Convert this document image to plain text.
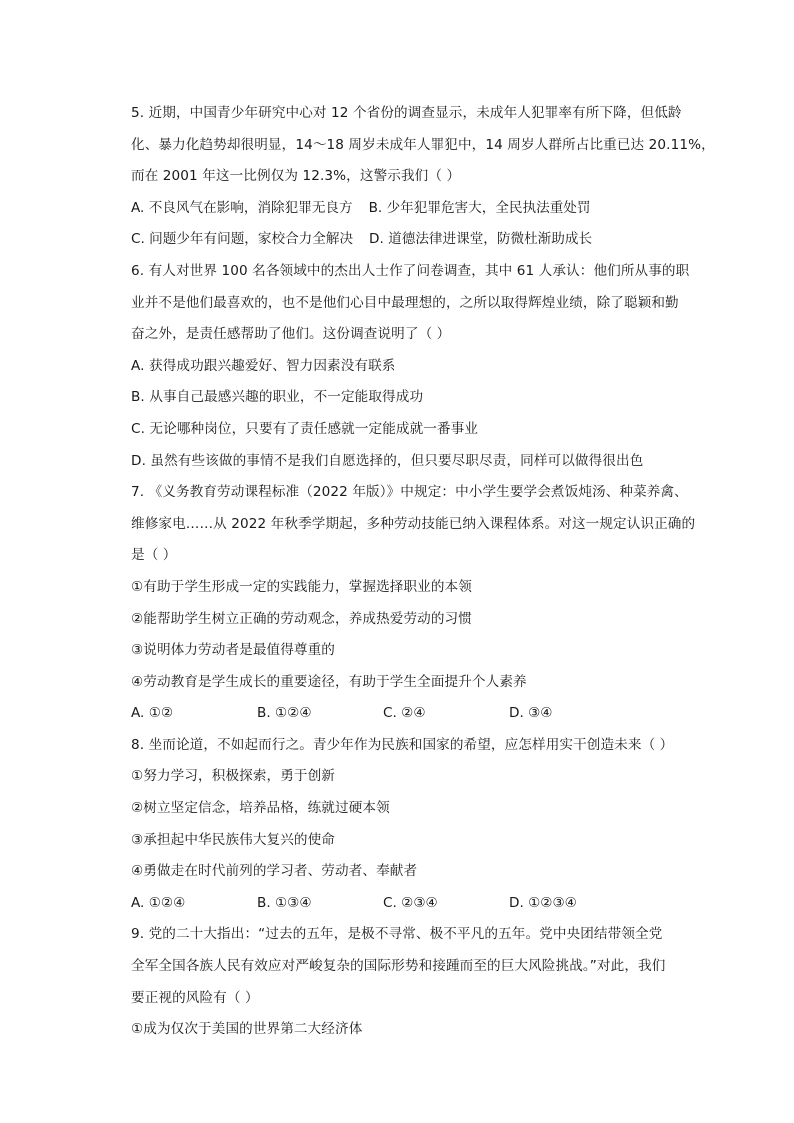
5. 近期，中国青少年研究中心对 12 个省份的调查显示，未成年人犯罪率有所下降，但低龄
化、暴力化趋势却很明显，14～18 周岁未成年人罪犯中，14 周岁人群所占比重已达 20.11%，
而在 2001 年这一比例仅为 12.3%，这警示我们（ ）
A. 不良风气在影响，消除犯罪无良方 B. 少年犯罪危害大，全民执法重处罚
C. 问题少年有问题，家校合力全解决 D. 道德法律进课堂，防微杜渐助成长
6. 有人对世界 100 名各领域中的杰出人士作了问卷调查，其中 61 人承认：他们所从事的职
业并不是他们最喜欢的，也不是他们心目中最理想的，之所以取得辉煌业绩，除了聪颖和勤
奋之外，是责任感帮助了他们。这份调查说明了（ ）
A. 获得成功跟兴趣爱好、智力因素没有联系
B. 从事自己最感兴趣的职业，不一定能取得成功
C. 无论哪种岗位，只要有了责任感就一定能成就一番事业
D. 虽然有些该做的事情不是我们自愿选择的，但只要尽职尽责，同样可以做得很出色
7. 《义务教育劳动课程标准（2022 年版）》中规定：中小学生要学会煮饭炖汤、种菜养禽、
维修家电……从 2022 年秋季学期起，多种劳动技能已纳入课程体系。对这一规定认识正确的
是（ ）
①有助于学生形成一定的实践能力，掌握选择职业的本领
②能帮助学生树立正确的劳动观念，养成热爱劳动的习惯
③说明体力劳动者是最值得尊重的
④劳动教育是学生成长的重要途径，有助于学生全面提升个人素养
A. ①②	B. ①②④	C. ②④	D. ③④
8. 坐而论道，不如起而行之。青少年作为民族和国家的希望，应怎样用实干创造未来（ ）
①努力学习，积极探索，勇于创新
②树立坚定信念，培养品格，练就过硬本领
③承担起中华民族伟大复兴的使命
④勇做走在时代前列的学习者、劳动者、奉献者
A. ①②④	B. ①③④	C. ②③④	D. ①②③④
9. 党的二十大指出：“过去的五年，是极不寻常、极不平凡的五年。党中央团结带领全党
全军全国各族人民有效应对严峻复杂的国际形势和接踵而至的巨大风险挑战。”对此，我们
要正视的风险有（ ）
①成为仅次于美国的世界第二大经济体
